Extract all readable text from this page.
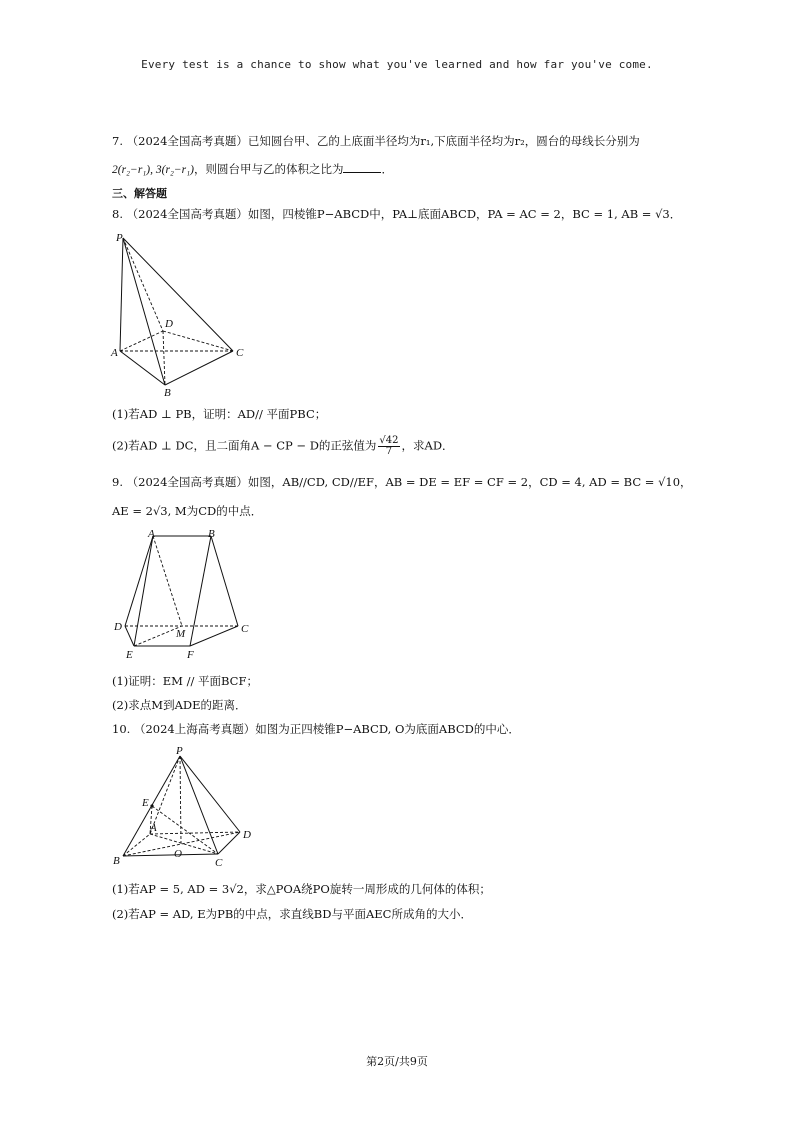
Every test is a chance to show what you've learned and how far you've come.
7. （2024全国高考真题）已知圆台甲、乙的上底面半径均为r₁,下底面半径均为r₂，圆台的母线长分别为
2(r₂−r₁), 3(r₂−r₁)，则圆台甲与乙的体积之比为	．
三、解答题
8. （2024全国高考真题）如图，四棱锥P−ABCD中，PA⊥底面ABCD，PA = AC = 2，BC = 1, AB = √3．
P
D
A	C
B
(1)若AD ⊥ PB，证明：AD// 平面PBC；
(2)若AD ⊥ DC，且二面角A − CP − D的正弦值为 $\frac{√42}{7}$ ，求AD．
9. （2024全国高考真题）如图，AB//CD, CD//EF，AB = DE = EF = CF = 2，CD = 4, AD = BC = √10，
AE = 2√3, M为CD的中点．
A	B
D
M	C
E	F
(1)证明：EM // 平面BCF；
(2)求点M到ADE的距离．
10. （2024上海高考真题）如图为正四棱锥P−ABCD, O为底面ABCD的中心．
P
E
A
D
O
B	C
(1)若AP = 5, AD = 3√2，求△POA绕PO旋转一周形成的几何体的体积；
(2)若AP = AD, E为PB的中点，求直线BD与平面AEC所成角的大小．
第2页/共9页
